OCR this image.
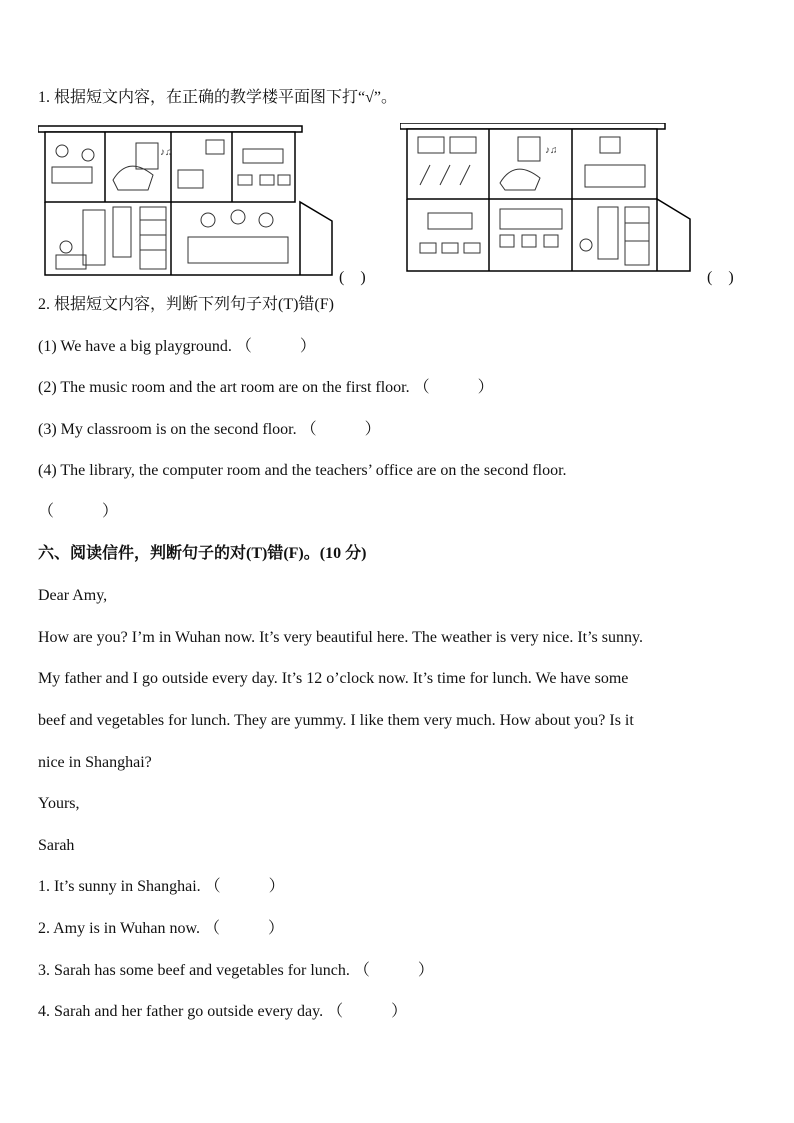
1. 根据短文内容，在正确的教学楼平面图下打“√”。
♪♫
(　)
♪♫
(　)
2. 根据短文内容，判断下列句子对(T)错(F)
(1) We have a big playground. （　　　）
(2) The music room and the art room are on the first floor. （　　　）
(3) My classroom is on the second floor. （　　　）
(4) The library, the computer room and the teachers’ office are on the second floor.
（　　　）
六、阅读信件，判断句子的对(T)错(F)。(10 分)
Dear Amy,
How are you? I’m in Wuhan now. It’s very beautiful here. The weather is very nice. It’s sunny.
My father and I go outside every day. It’s 12 o’clock now. It’s time for lunch. We have some
beef and vegetables for lunch. They are yummy. I like them very much. How about you? Is it
nice in Shanghai?
Yours,
Sarah
1. It’s sunny in Shanghai. （　　　）
2. Amy is in Wuhan now. （　　　）
3. Sarah has some beef and vegetables for lunch. （　　　）
4. Sarah and her father go outside every day. （　　　）
